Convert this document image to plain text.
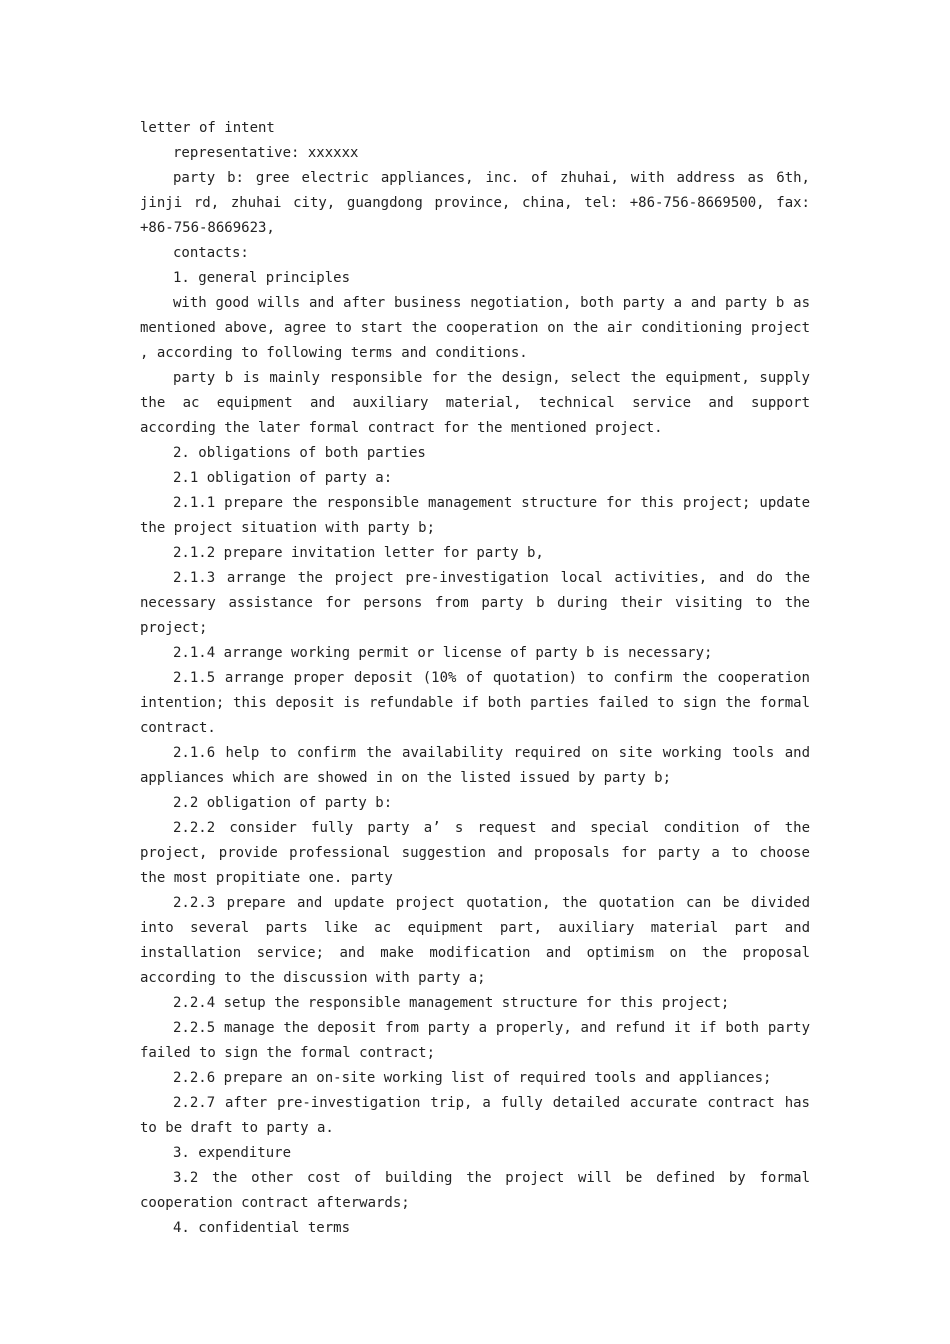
letter of intent

representative: xxxxxx

party b: gree electric appliances, inc. of zhuhai, with address as 6th, jinji rd, zhuhai city, guangdong province, china, tel: +86-756-8669500, fax: +86-756-8669623,

contacts:

1. general principles

with good wills and after business negotiation, both party a and party b as mentioned above, agree to start the cooperation on the air conditioning project , according to following terms and conditions.

party b is mainly responsible for the design, select the equipment, supply the ac equipment and auxiliary material, technical service and support according the later formal contract for the mentioned project.

2. obligations of both parties

2.1 obligation of party a:

2.1.1 prepare the responsible management structure for this project; update the project situation with party b;

2.1.2 prepare invitation letter for party b,

2.1.3 arrange the project pre-investigation local activities, and do the necessary assistance for persons from party b during their visiting to the project;

2.1.4 arrange working permit or license of party b is necessary;

2.1.5 arrange proper deposit (10% of quotation) to confirm the cooperation intention; this deposit is refundable if both parties failed to sign the formal contract.

2.1.6 help to confirm the availability required on site working tools and appliances which are showed in on the listed issued by party b;

2.2 obligation of party b:

2.2.2 consider fully party a’ s request and special condition of the project, provide professional suggestion and proposals for party a to choose the most propitiate one. party

2.2.3 prepare and update project quotation, the quotation can be divided into several parts like ac equipment part, auxiliary material part and installation service; and make modification and optimism on the proposal according to the discussion with party a;

2.2.4 setup the responsible management structure for this project;

2.2.5 manage the deposit from party a properly, and refund it if both party failed to sign the formal contract;

2.2.6 prepare an on-site working list of required tools and appliances;

2.2.7 after pre-investigation trip, a fully detailed accurate contract has to be draft to party a.

3. expenditure

3.2 the other cost of building the project will be defined by formal cooperation contract afterwards;

4. confidential terms
